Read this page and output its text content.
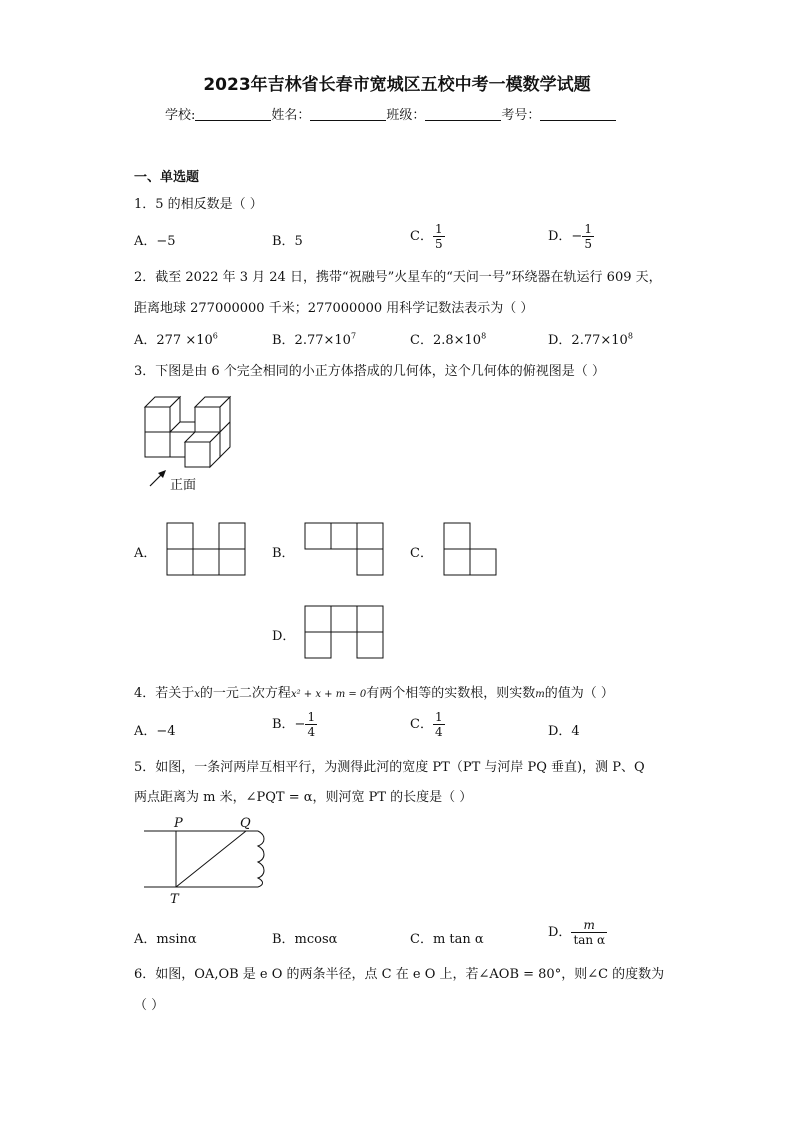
2023年吉林省长春市宽城区五校中考一模数学试题
学校:	姓名：	班级：	考号：
一、单选题
1．5 的相反数是（ ）
A．−5	B．5	C． $\frac{1}{5}$	D．− $\frac{1}{5}$
2．截至 2022 年 3 月 24 日，携带“祝融号”火星车的“天问一号”环绕器在轨运行 609 天，
距离地球 277000000 千米；277000000 用科学记数法表示为（ ）
A．$277 \times 10^6$	B．$2.77\times 10^7$	C．$2.8\times 10^8$	D．$2.77\times 10^8$
3．下图是由 6 个完全相同的小正方体搭成的几何体，这个几何体的俯视图是（ ）
正面
A．	B．	C．
D．
4．若关于x的一元二次方程x² + x + m = 0有两个相等的实数根，则实数m的值为（ ）
A．−4	B．− $\frac{1}{4}$	C． $\frac{1}{4}$	D．4
5．如图，一条河两岸互相平行，为测得此河的宽度 PT（PT 与河岸 PQ 垂直)，测 P、Q
两点距离为 m 米，∠PQT = α，则河宽 PT 的长度是（ ）
P	Q
T
A．msinα	B．mcosα	C．m tan α	D． $\frac{m}{\text{tan α}}$
6．如图，OA,OB 是 e O 的两条半径，点 C 在 e O 上，若∠AOB = 80°，则∠C 的度数为
（ ）
